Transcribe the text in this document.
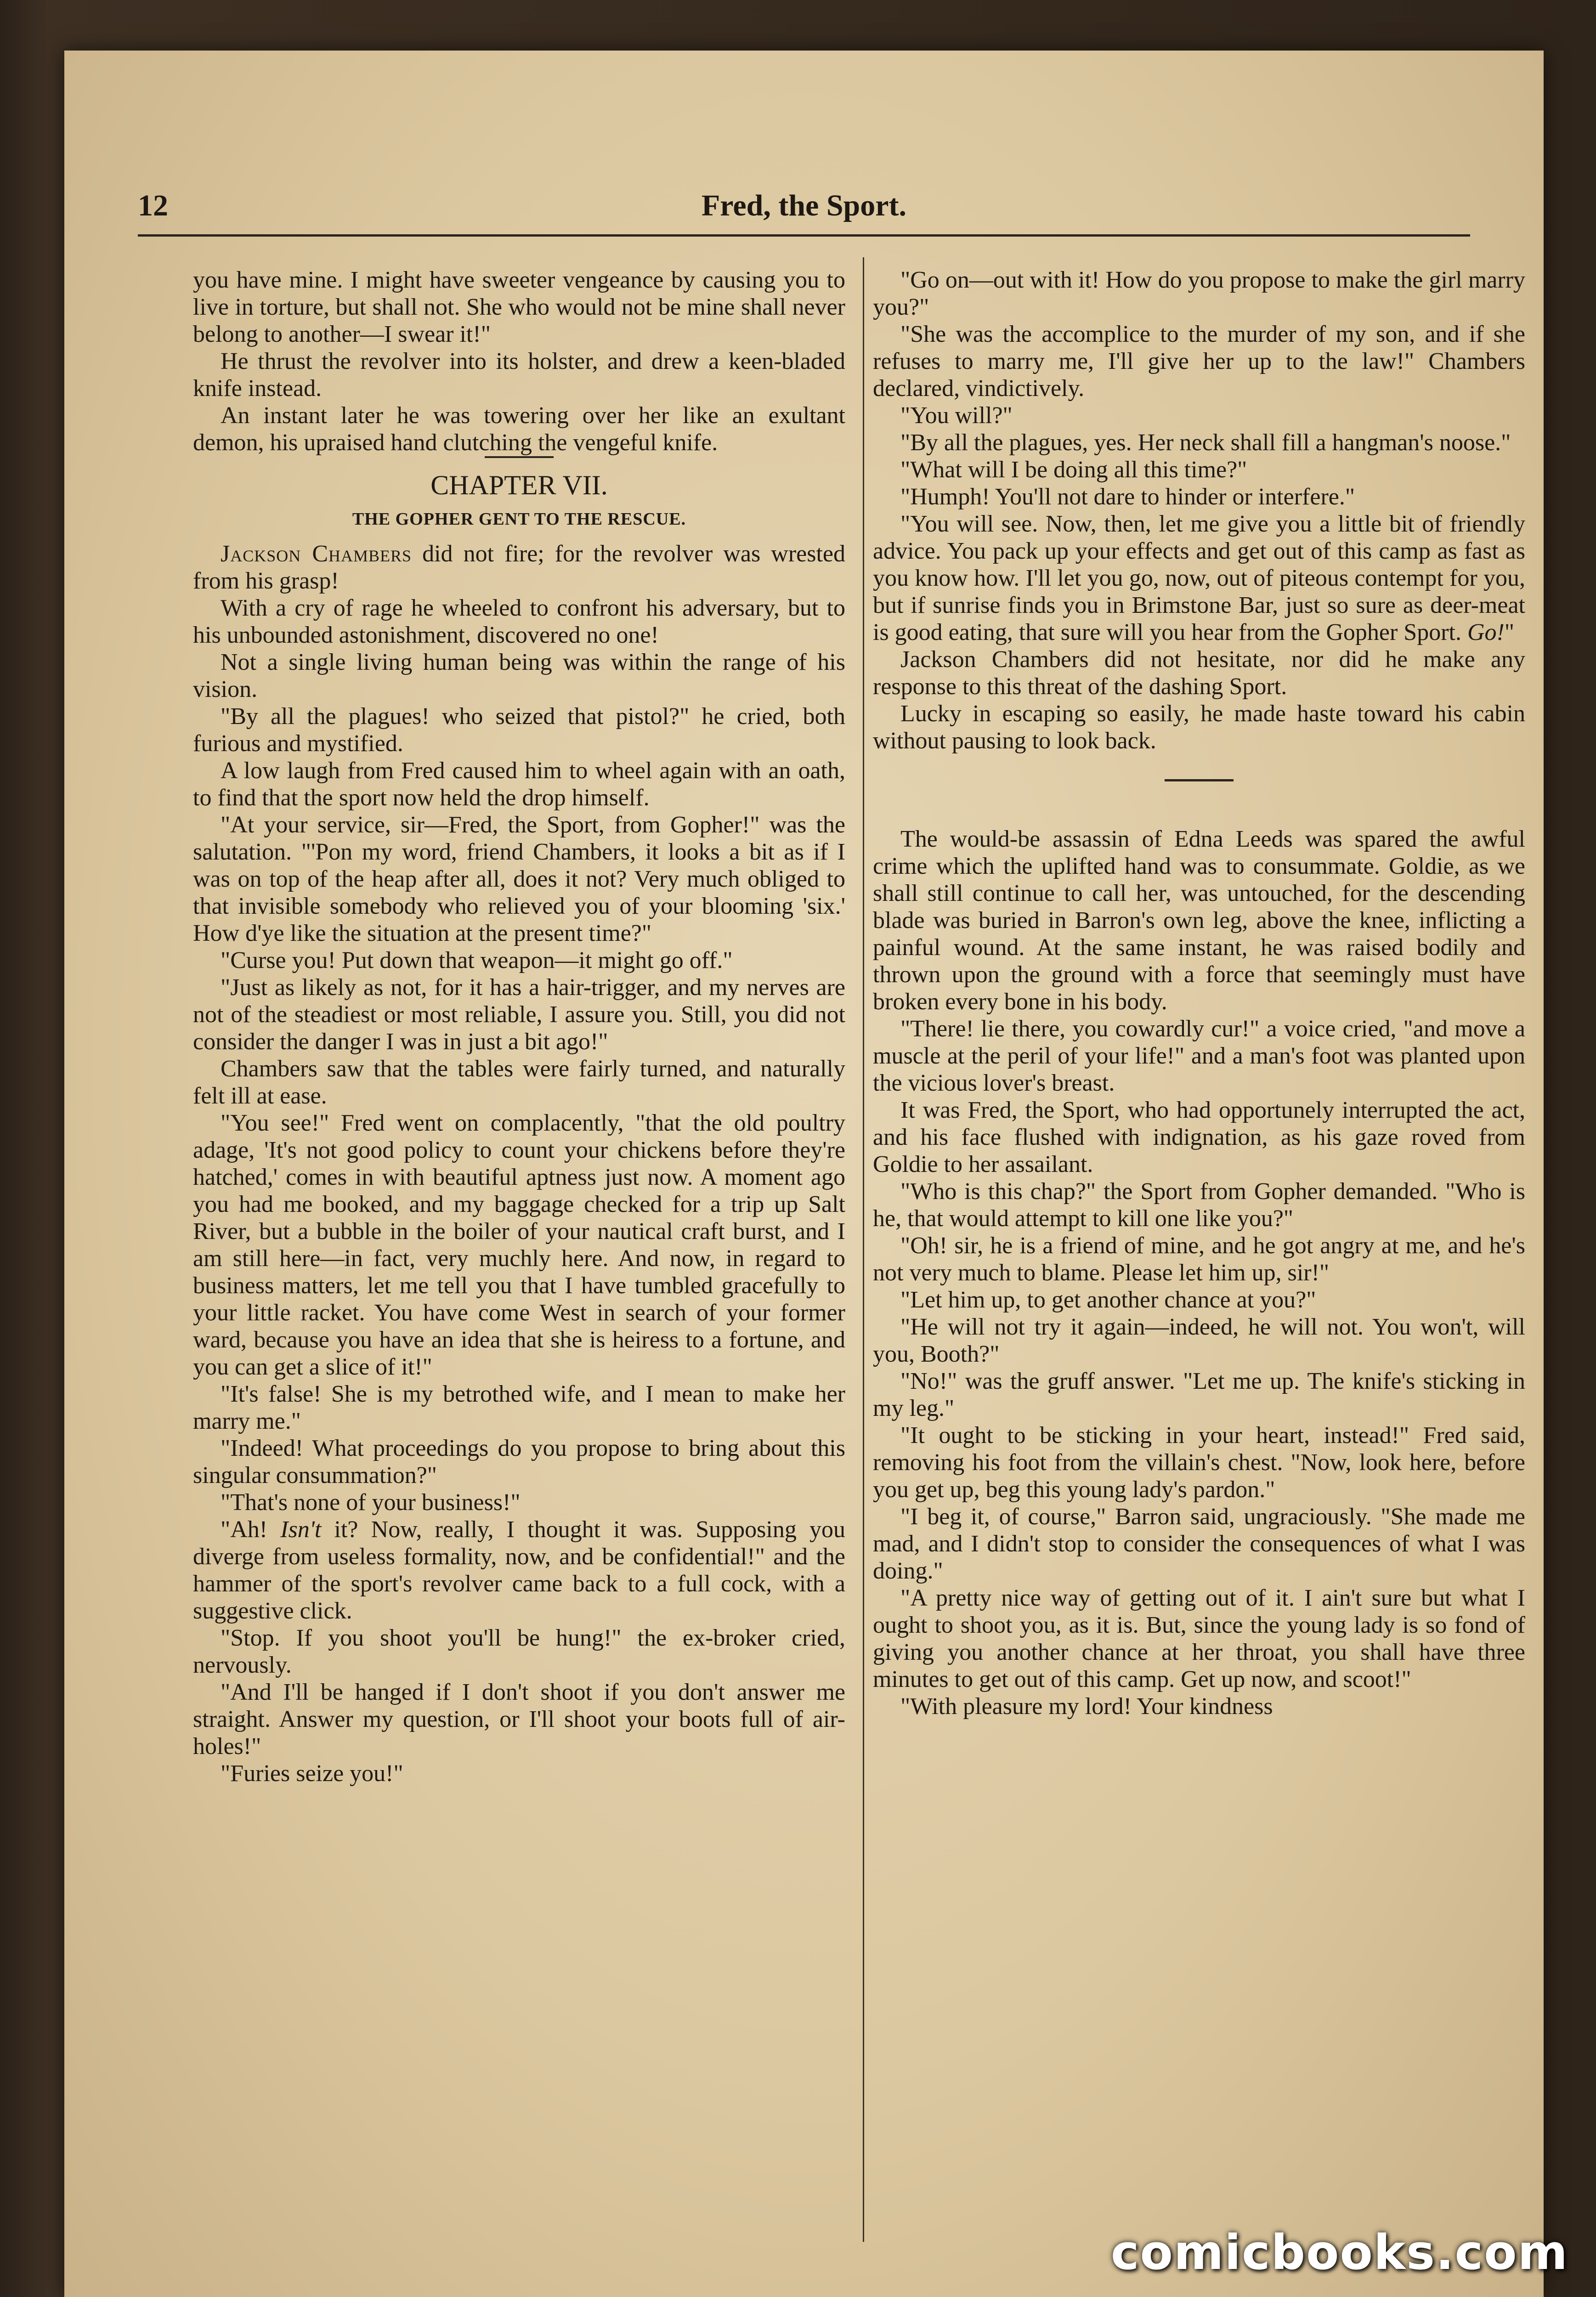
12	Fred, the Sport.

you have mine. I might have sweeter vengeance by causing you to live in torture, but shall not. She who would not be mine shall never belong to another—I swear it!"

He thrust the revolver into its holster, and drew a keen-bladed knife instead.

An instant later he was towering over her like an exultant demon, his upraised hand clutching the vengeful knife.

CHAPTER VII.

THE GOPHER GENT TO THE RESCUE.

Jackson Chambers did not fire; for the revolver was wrested from his grasp!

With a cry of rage he wheeled to confront his adversary, but to his unbounded astonishment, discovered no one!

Not a single living human being was within the range of his vision.

"By all the plagues! who seized that pistol?" he cried, both furious and mystified.

A low laugh from Fred caused him to wheel again with an oath, to find that the sport now held the drop himself.

"At your service, sir—Fred, the Sport, from Gopher!" was the salutation. "'Pon my word, friend Chambers, it looks a bit as if I was on top of the heap after all, does it not? Very much obliged to that invisible somebody who relieved you of your blooming 'six.' How d'ye like the situation at the present time?"

"Curse you! Put down that weapon—it might go off."

"Just as likely as not, for it has a hair-trigger, and my nerves are not of the steadiest or most reliable, I assure you. Still, you did not consider the danger I was in just a bit ago!"

Chambers saw that the tables were fairly turned, and naturally felt ill at ease.

"You see!" Fred went on complacently, "that the old poultry adage, 'It's not good policy to count your chickens before they're hatched,' comes in with beautiful aptness just now. A moment ago you had me booked, and my baggage checked for a trip up Salt River, but a bubble in the boiler of your nautical craft burst, and I am still here—in fact, very muchly here. And now, in regard to business matters, let me tell you that I have tumbled gracefully to your little racket. You have come West in search of your former ward, because you have an idea that she is heiress to a fortune, and you can get a slice of it!"

"It's false! She is my betrothed wife, and I mean to make her marry me."

"Indeed! What proceedings do you propose to bring about this singular consummation?"

"That's none of your business!"

"Ah! Isn't it? Now, really, I thought it was. Supposing you diverge from useless formality, now, and be confidential!" and the hammer of the sport's revolver came back to a full cock, with a suggestive click.

"Stop. If you shoot you'll be hung!" the ex-broker cried, nervously.

"And I'll be hanged if I don't shoot if you don't answer me straight. Answer my question, or I'll shoot your boots full of air-holes!"

"Furies seize you!"

"Go on—out with it! How do you propose to make the girl marry you?"

"She was the accomplice to the murder of my son, and if she refuses to marry me, I'll give her up to the law!" Chambers declared, vindictively.

"You will?"

"By all the plagues, yes. Her neck shall fill a hangman's noose."

"What will I be doing all this time?"

"Humph! You'll not dare to hinder or interfere."

"You will see. Now, then, let me give you a little bit of friendly advice. You pack up your effects and get out of this camp as fast as you know how. I'll let you go, now, out of piteous contempt for you, but if sunrise finds you in Brimstone Bar, just so sure as deer-meat is good eating, that sure will you hear from the Gopher Sport. Go!"

Jackson Chambers did not hesitate, nor did he make any response to this threat of the dashing Sport.

Lucky in escaping so easily, he made haste toward his cabin without pausing to look back.

The would-be assassin of Edna Leeds was spared the awful crime which the uplifted hand was to consummate. Goldie, as we shall still continue to call her, was untouched, for the descending blade was buried in Barron's own leg, above the knee, inflicting a painful wound. At the same instant, he was raised bodily and thrown upon the ground with a force that seemingly must have broken every bone in his body.

"There! lie there, you cowardly cur!" a voice cried, "and move a muscle at the peril of your life!" and a man's foot was planted upon the vicious lover's breast.

It was Fred, the Sport, who had opportunely interrupted the act, and his face flushed with indignation, as his gaze roved from Goldie to her assailant.

"Who is this chap?" the Sport from Gopher demanded. "Who is he, that would attempt to kill one like you?"

"Oh! sir, he is a friend of mine, and he got angry at me, and he's not very much to blame. Please let him up, sir!"

"Let him up, to get another chance at you?"

"He will not try it again—indeed, he will not. You won't, will you, Booth?"

"No!" was the gruff answer. "Let me up. The knife's sticking in my leg."

"It ought to be sticking in your heart, instead!" Fred said, removing his foot from the villain's chest. "Now, look here, before you get up, beg this young lady's pardon."

"I beg it, of course," Barron said, ungraciously. "She made me mad, and I didn't stop to consider the consequences of what I was doing."

"A pretty nice way of getting out of it. I ain't sure but what I ought to shoot you, as it is. But, since the young lady is so fond of giving you another chance at her throat, you shall have three minutes to get out of this camp. Get up now, and scoot!"

"With pleasure my lord! Your kindness

comicbooks.com
